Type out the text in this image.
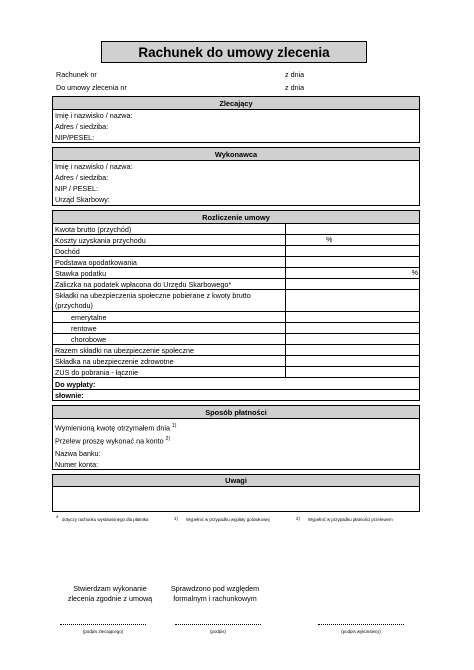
Rachunek do umowy zlecenia
Rachunek nr	z dnia
Do umowy zlecenia nr	z dnia
Zlecający
Imię i nazwisko / nazwa:
Adres / siedziba:
NIP/PESEL:
Wykonawca
Imię i nazwisko / nazwa:
Adres / siedziba:
NIP / PESEL:
Urząd Skarbowy:
Rozliczenie umowy
Kwota brutto (przychód)
Koszty uzyskania przychodu	%
Dochód
Podstawa opodatkowania
Stawka podatku	%
Zaliczka na podatek wpłacona do Urzędu Skarbowego*
Składki na ubezpieczenia społeczne pobierane z kwoty brutto
(przychodu)
emerytalne
rentowe
chorobowe
Razem składki na ubezpieczenie społeczne
Składka na ubezpieczenie zdrowotne
ZUS do pobrania - łącznie
Do wypłaty:
słownie:
Sposób płatności
Wymienioną kwotę otrzymałem dnia $^{1)}$
Przelew proszę wykonać na konto $^{2)}$
Nazwa banku:
Numer konta:
Uwagi
* dotyczy rachunku wystawionego dla płatnika	1) Wypełnić w przypadku wypłaty gotówkowej	2) Wypełnić w przypadku płatności przelewem
Stwierdzam wykonanie
zlecenia zgodnie z umową
Sprawdzono pod względem
formalnym i rachunkowym
(podpis zlecającego)	(podpis)	(podpis wykonawcy)
